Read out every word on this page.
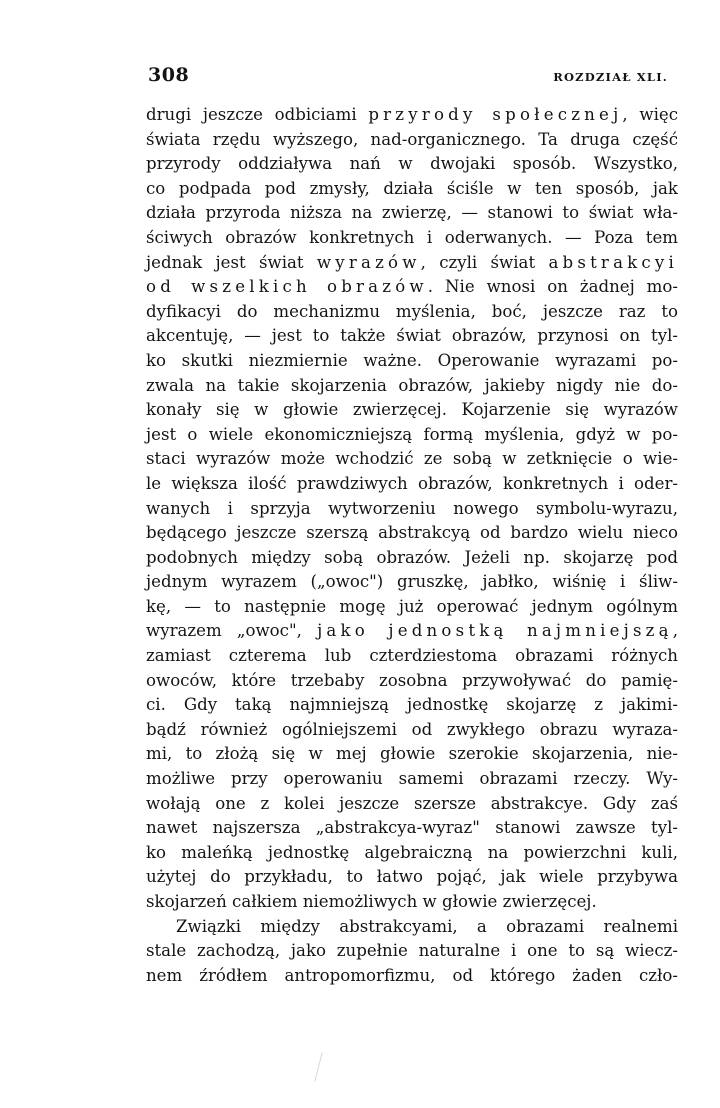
308	ROZDZIAŁ XLI.
drugi jeszcze odbiciami przyrody społecznej, więc
świata rzędu wyższego, nad-organicznego. Ta druga część
przyrody oddziaływa nań w dwojaki sposób. Wszystko,
co podpada pod zmysły, działa ściśle w ten sposób, jak
działa przyroda niższa na zwierzę, — stanowi to świat wła-
ściwych obrazów konkretnych i oderwanych. — Poza tem
jednak jest świat wyrazów, czyli świat abstrakcyi
od wszelkich obrazów. Nie wnosi on żadnej mo-
dyfikacyi do mechanizmu myślenia, boć, jeszcze raz to
akcentuję, — jest to także świat obrazów, przynosi on tyl-
ko skutki niezmiernie ważne. Operowanie wyrazami po-
zwala na takie skojarzenia obrazów, jakieby nigdy nie do-
konały się w głowie zwierzęcej. Kojarzenie się wyrazów
jest o wiele ekonomiczniejszą formą myślenia, gdyż w po-
staci wyrazów może wchodzić ze sobą w zetknięcie o wie-
le większa ilość prawdziwych obrazów, konkretnych i oder-
wanych i sprzyja wytworzeniu nowego symbolu-wyrazu,
będącego jeszcze szerszą abstrakcyą od bardzo wielu nieco
podobnych między sobą obrazów. Jeżeli np. skojarzę pod
jednym wyrazem („owoc") gruszkę, jabłko, wiśnię i śliw-
kę, — to następnie mogę już operować jednym ogólnym
wyrazem „owoc", jako jednostką najmniejszą,
zamiast czterema lub czterdziestoma obrazami różnych
owoców, które trzebaby zosobna przywoływać do pamię-
ci. Gdy taką najmniejszą jednostkę skojarzę z jakimi-
bądź również ogólniejszemi od zwykłego obrazu wyraza-
mi, to złożą się w mej głowie szerokie skojarzenia, nie-
możliwe przy operowaniu samemi obrazami rzeczy. Wy-
wołają one z kolei jeszcze szersze abstrakcye. Gdy zaś
nawet najszersza „abstrakcya-wyraz" stanowi zawsze tyl-
ko maleńką jednostkę algebraiczną na powierzchni kuli,
użytej do przykładu, to łatwo pojąć, jak wiele przybywa
skojarzeń całkiem niemożliwych w głowie zwierzęcej.
Związki między abstrakcyami, a obrazami realnemi
stale zachodzą, jako zupełnie naturalne i one to są wiecz-
nem źródłem antropomorfizmu, od którego żaden czło-
